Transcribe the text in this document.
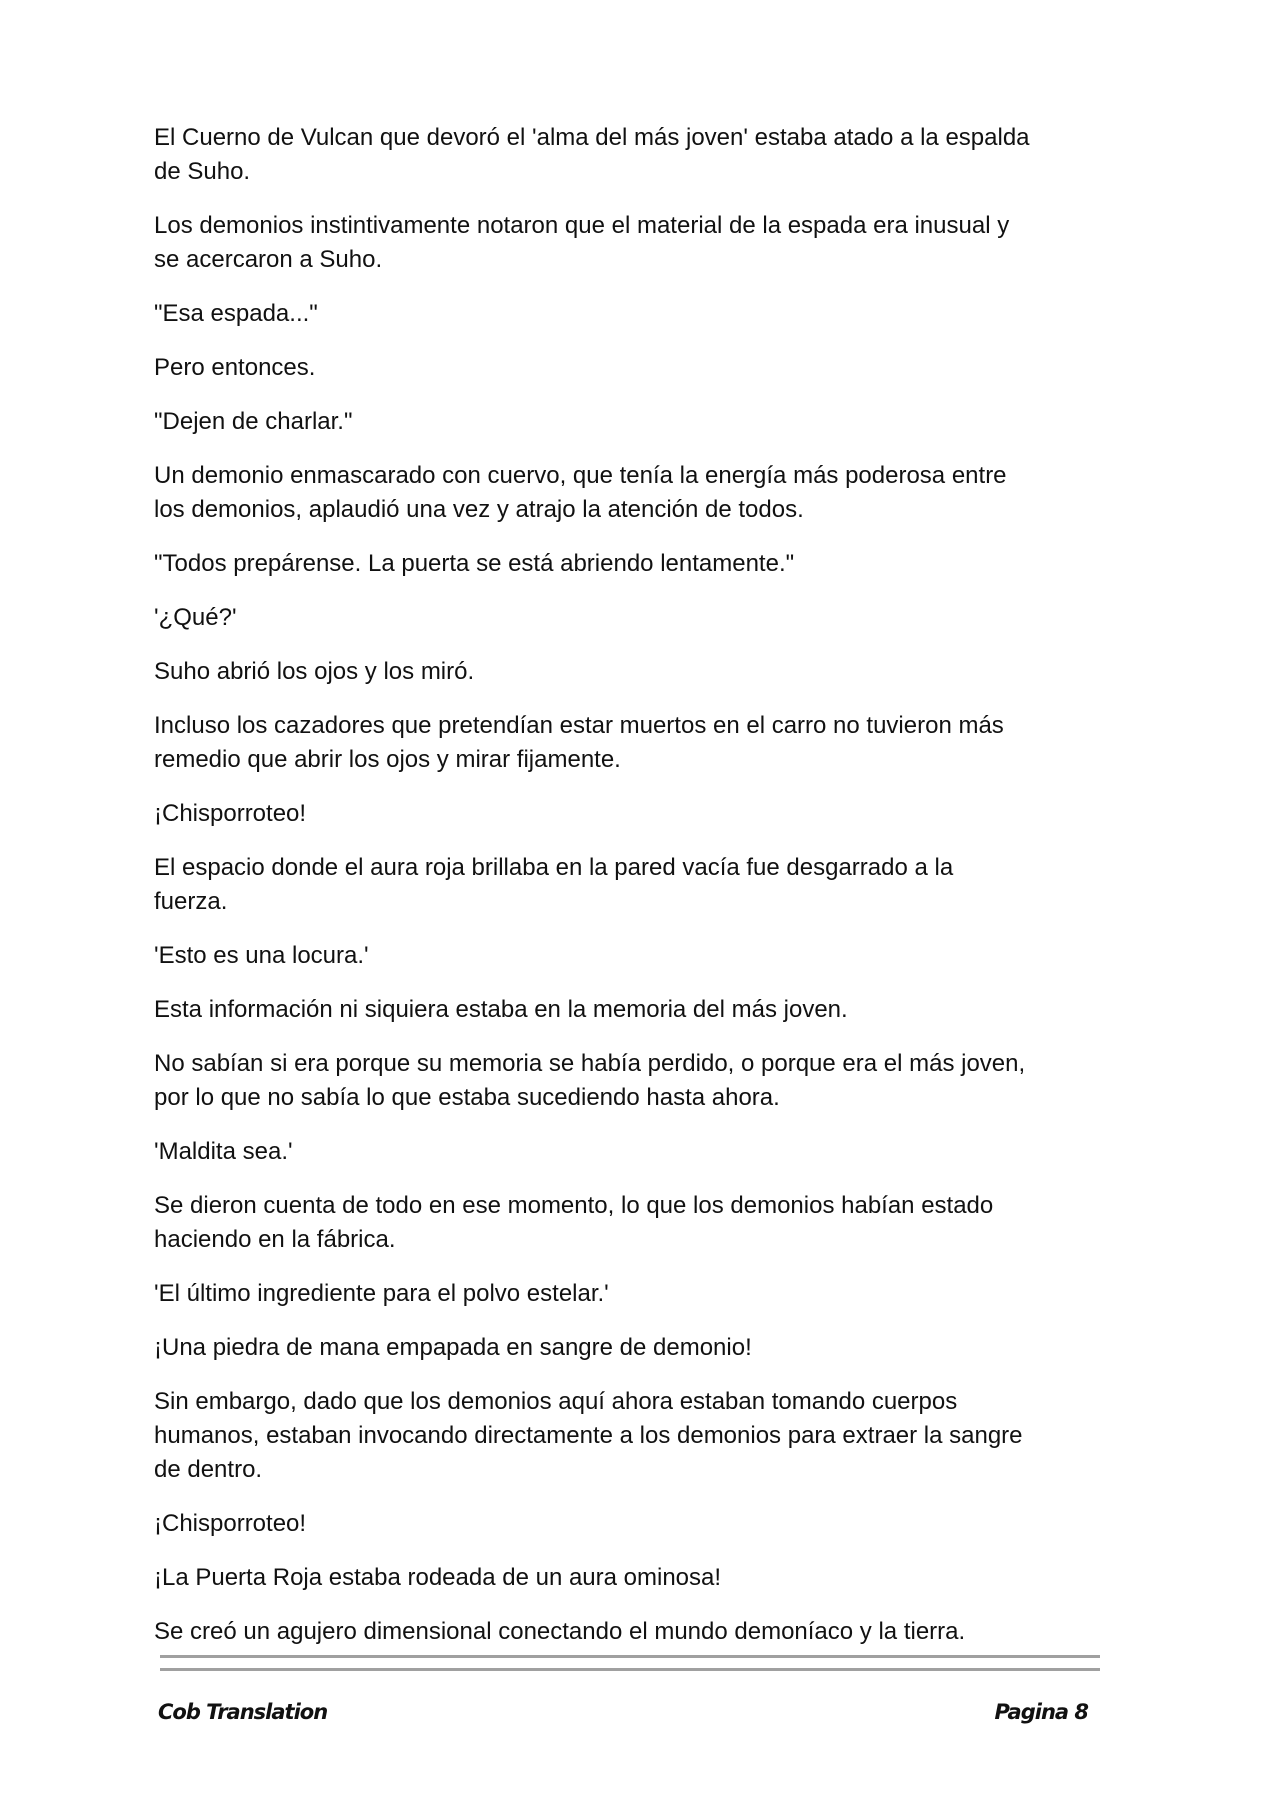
El Cuerno de Vulcan que devoró el 'alma del más joven' estaba atado a la espalda
de Suho.

Los demonios instintivamente notaron que el material de la espada era inusual y
se acercaron a Suho.

"Esa espada..."

Pero entonces.

"Dejen de charlar."

Un demonio enmascarado con cuervo, que tenía la energía más poderosa entre
los demonios, aplaudió una vez y atrajo la atención de todos.

"Todos prepárense. La puerta se está abriendo lentamente."

'¿Qué?'

Suho abrió los ojos y los miró.

Incluso los cazadores que pretendían estar muertos en el carro no tuvieron más
remedio que abrir los ojos y mirar fijamente.

¡Chisporroteo!

El espacio donde el aura roja brillaba en la pared vacía fue desgarrado a la
fuerza.

'Esto es una locura.'

Esta información ni siquiera estaba en la memoria del más joven.

No sabían si era porque su memoria se había perdido, o porque era el más joven,
por lo que no sabía lo que estaba sucediendo hasta ahora.

'Maldita sea.'

Se dieron cuenta de todo en ese momento, lo que los demonios habían estado
haciendo en la fábrica.

'El último ingrediente para el polvo estelar.'

¡Una piedra de mana empapada en sangre de demonio!

Sin embargo, dado que los demonios aquí ahora estaban tomando cuerpos
humanos, estaban invocando directamente a los demonios para extraer la sangre
de dentro.

¡Chisporroteo!

¡La Puerta Roja estaba rodeada de un aura ominosa!

Se creó un agujero dimensional conectando el mundo demoníaco y la tierra.

Cob Translation	Pagina 8
